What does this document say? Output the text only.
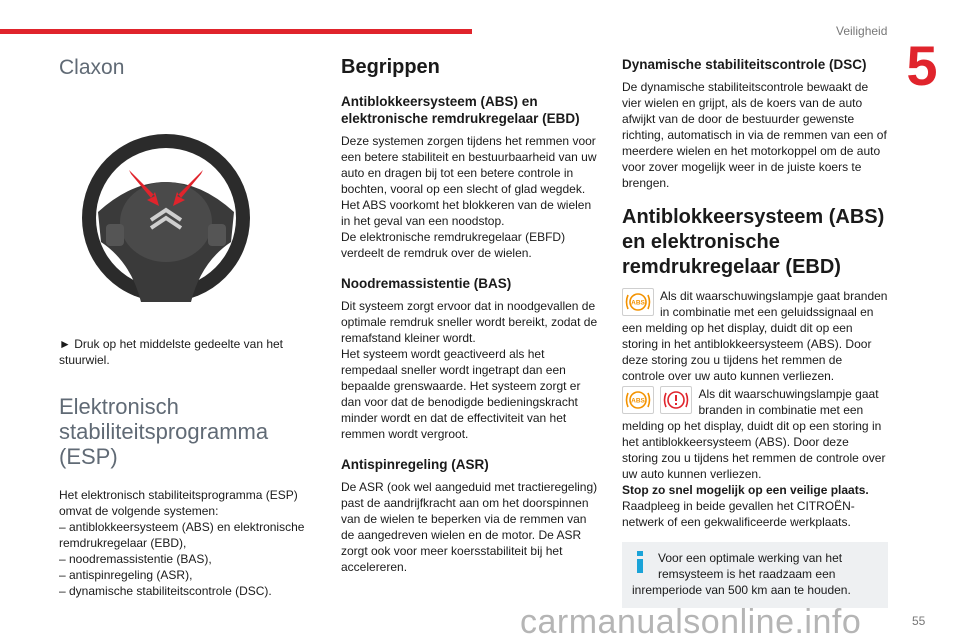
Veiligheid
5
Claxon

► Druk op het middelste gedeelte van het stuurwiel.

Elektronisch stabiliteitsprogramma (ESP)

Het elektronisch stabiliteitsprogramma (ESP) omvat de volgende systemen:

– antiblokkeersysteem (ABS) en elektronische remdrukregelaar (EBD),

– noodremassistentie (BAS),

– antispinregeling (ASR),

– dynamische stabiliteitscontrole (DSC).

Begrippen
Antiblokkeersysteem (ABS) en elektronische remdrukregelaar (EBD)

Deze systemen zorgen tijdens het remmen voor een betere stabiliteit en bestuurbaarheid van uw auto en dragen bij tot een betere controle in bochten, vooral op een slecht of glad wegdek.

Het ABS voorkomt het blokkeren van de wielen in het geval van een noodstop.

De elektronische remdrukregelaar (EBFD) verdeelt de remdruk over de wielen.

Noodremassistentie (BAS)

Dit systeem zorgt ervoor dat in noodgevallen de optimale remdruk sneller wordt bereikt, zodat de remafstand kleiner wordt.

Het systeem wordt geactiveerd als het rempedaal sneller wordt ingetrapt dan een bepaalde grenswaarde. Het systeem zorgt er dan voor dat de benodigde bedieningskracht minder wordt en dat de effectiviteit van het remmen wordt vergroot.

Antispinregeling (ASR)

De ASR (ook wel aangeduid met tractieregeling) past de aandrijfkracht aan om het doorspinnen van de wielen te beperken via de remmen van de aangedreven wielen en de motor. De ASR zorgt ook voor meer koersstabiliteit bij het accelereren.

Dynamische stabiliteitscontrole (DSC)

De dynamische stabiliteitscontrole bewaakt de vier wielen en grijpt, als de koers van de auto afwijkt van de door de bestuurder gewenste richting, automatisch in via de remmen van een of meerdere wielen en het motorkoppel om de auto voor zover mogelijk weer in de juiste koers te brengen.

Antiblokkeersysteem (ABS) en elektronische remdrukregelaar (EBD)
ABS	Als dit waarschuwingslampje gaat branden in combinatie met een geluidssignaal en een melding op het display, duidt dit op een storing in het antiblokkeersysteem (ABS). Door deze storing zou u tijdens het remmen de controle over uw auto kunnen verliezen.

ABS
	Als dit waarschuwingslampje gaat branden in combinatie met een melding op het display, duidt dit op een storing in het antiblokkeersysteem (ABS). Door deze storing zou u tijdens het remmen de controle over uw auto kunnen verliezen.

Stop zo snel mogelijk op een veilige plaats.

Raadpleeg in beide gevallen het CITROËN-netwerk of een gekwalificeerde werkplaats.

Voor een optimale werking van het remsysteem is het raadzaam een inremperiode van 500 km aan te houden.

carmanualsonline.info	55
